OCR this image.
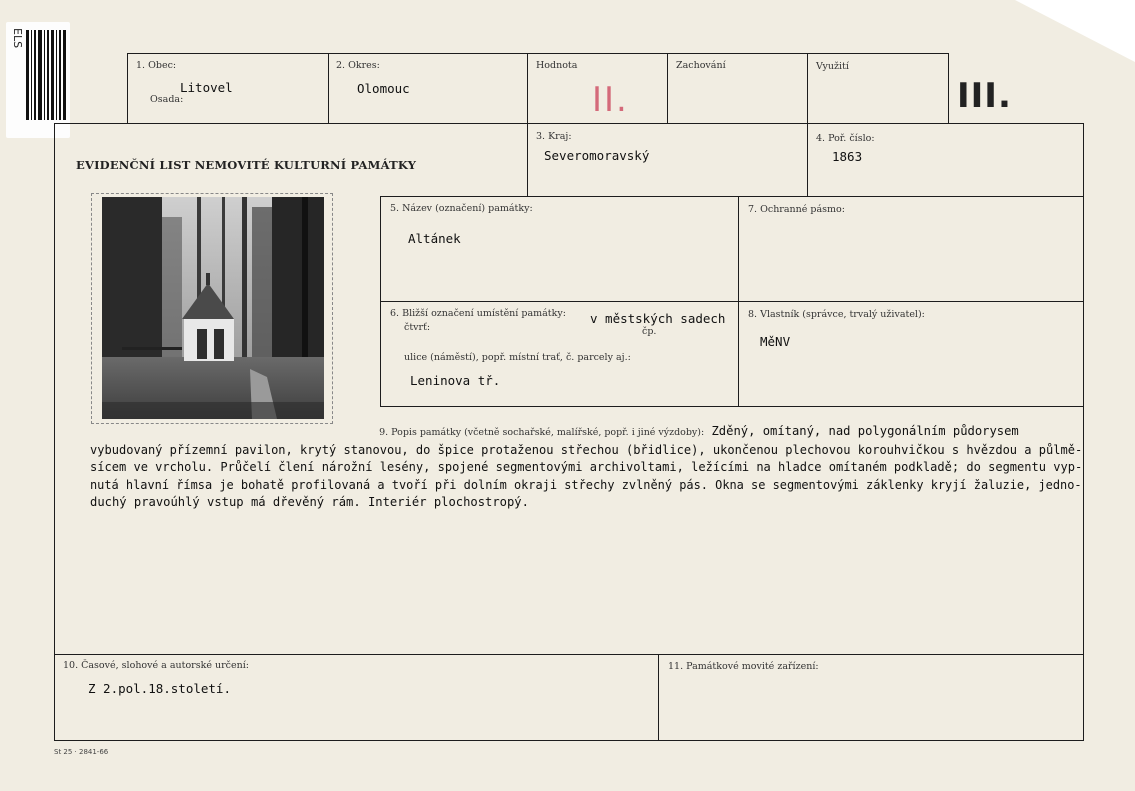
ELS
1. Obec:
Litovel
Osada:
2. Okres:
Olomouc
Hodnota
II.
Zachování	Využití
III.
EVIDENČNÍ LIST NEMOVITÉ KULTURNÍ PAMÁTKY
3. Kraj:
Severomoravský
4. Poř. číslo:
1863
5. Název (označení) památky:
Altánek
7. Ochranné pásmo:
6. Bližší označení umístění památky: v městských sadech
čtvrť:	čp.
ulice (náměstí), popř. místní trať, č. parcely aj.:
Leninova tř.
8. Vlastník (správce, trvalý uživatel):
MěNV
9. Popis památky (včetně sochařské, malířské, popř. i jiné výzdoby): Zděný, omítaný, nad polygonálním půdorysem
vybudovaný přízemní pavilon, krytý stanovou, do špice protaženou střechou (břidlice), ukončenou plechovou korouhvičkou s hvězdou a půlmě-
sícem ve vrcholu. Průčelí člení nárožní lesény, spojené segmentovými archivoltami, ležícími na hladce omítaném podkladě; do segmentu vyp-
nutá hlavní římsa je bohatě profilovaná a tvoří při dolním okraji střechy zvlněný pás. Okna se segmentovými záklenky kryjí žaluzie, jedno-
duchý pravoúhlý vstup má dřevěný rám. Interiér plochostropý.
10. Časové, slohové a autorské určení:
Z 2.pol.18.století.
11. Památkové movité zařízení:
St 25 · 2841-66
